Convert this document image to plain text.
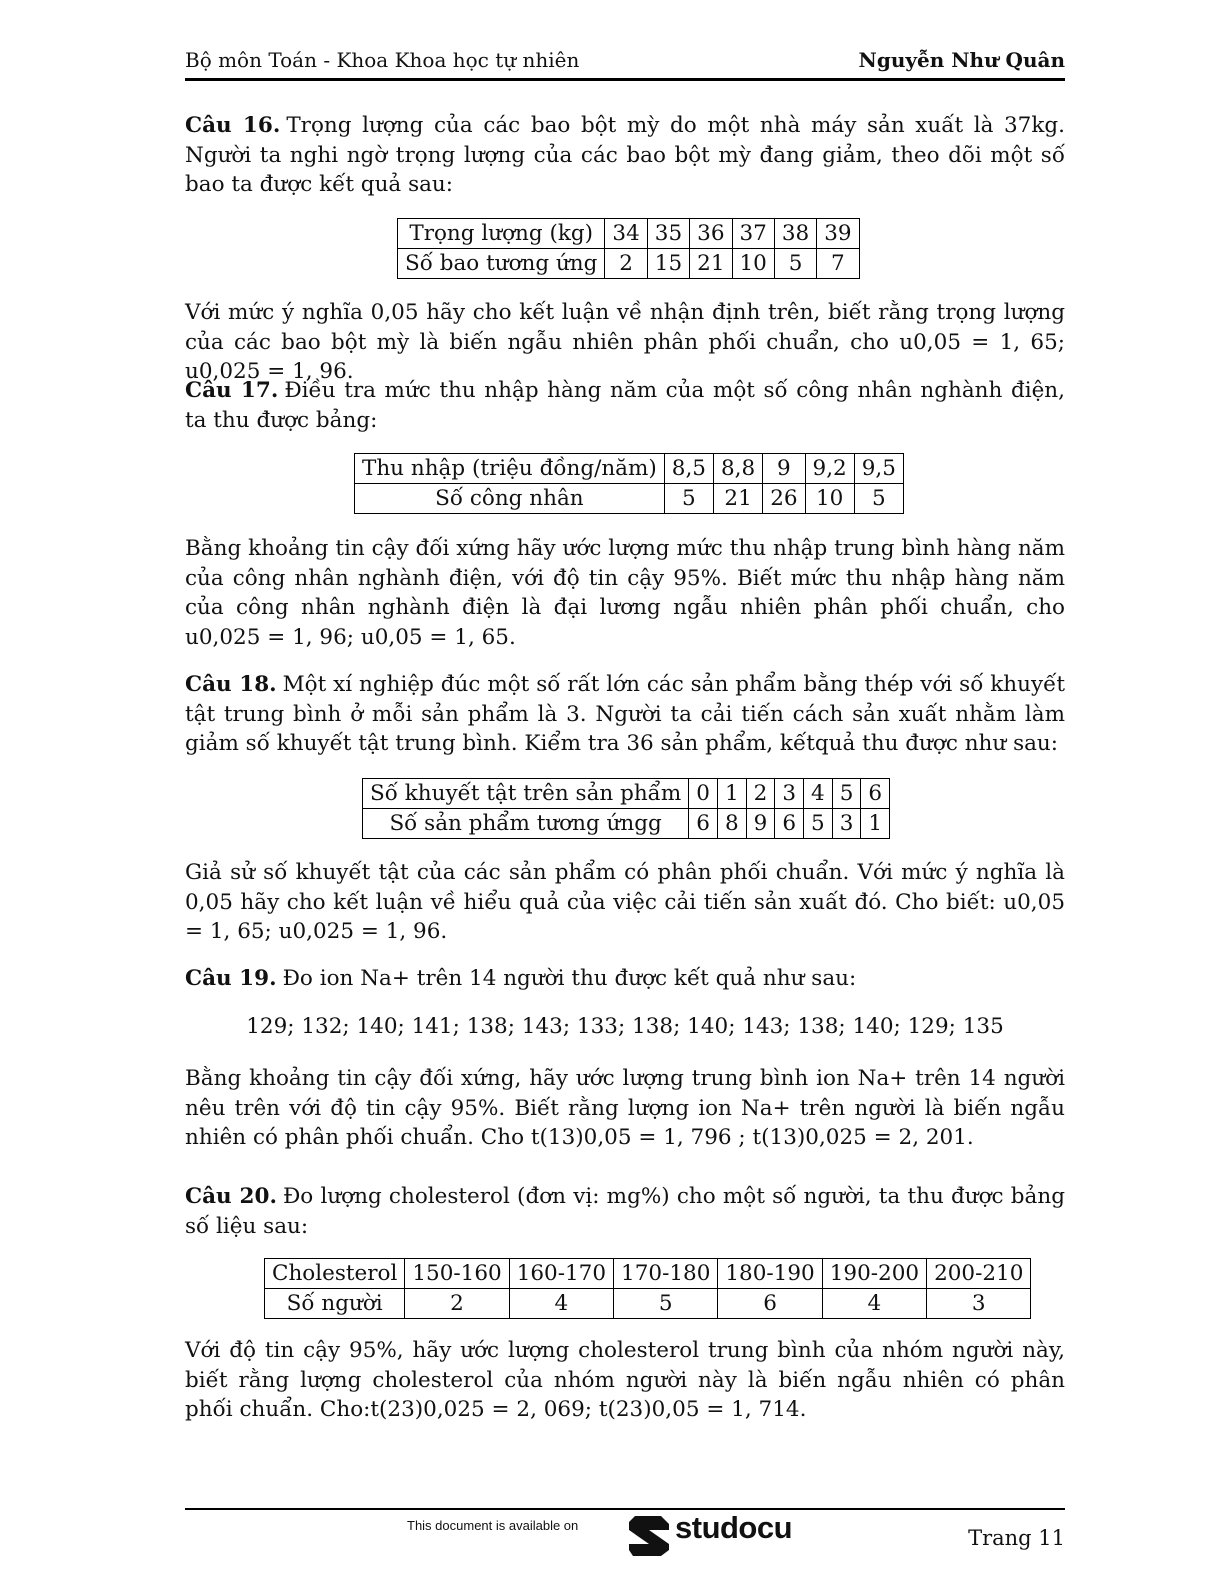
Bộ môn Toán - Khoa Khoa học tự nhiên	Nguyễn Như Quân
Câu 16. Trọng lượng của các bao bột mỳ do một nhà máy sản xuất là 37kg. Người ta nghi ngờ trọng lượng của các bao bột mỳ đang giảm, theo dõi một số bao ta được kết quả sau:
Trọng lượng (kg)	34	35	36	37	38	39
Số bao tương ứng	2	15	21	10	5	7
Với mức ý nghĩa 0,05 hãy cho kết luận về nhận định trên, biết rằng trọng lượng của các bao bột mỳ là biến ngẫu nhiên phân phối chuẩn, cho u0,05 = 1, 65; u0,025 = 1, 96.
Câu 17. Điều tra mức thu nhập hàng năm của một số công nhân nghành điện, ta thu được bảng:
Thu nhập (triệu đồng/năm)	8,5	8,8	9	9,2	9,5
Số công nhân	5	21	26	10	5
Bằng khoảng tin cậy đối xứng hãy ước lượng mức thu nhập trung bình hàng năm của công nhân nghành điện, với độ tin cậy 95%. Biết mức thu nhập hàng năm của công nhân nghành điện là đại lương ngẫu nhiên phân phối chuẩn, cho u0,025 = 1, 96; u0,05 = 1, 65.
Câu 18. Một xí nghiệp đúc một số rất lớn các sản phẩm bằng thép với số khuyết tật trung bình ở mỗi sản phẩm là 3. Người ta cải tiến cách sản xuất nhằm làm giảm số khuyết tật trung bình. Kiểm tra 36 sản phẩm, kếtquả thu được như sau:
Số khuyết tật trên sản phẩm	0	1	2	3	4	5	6
Số sản phẩm tương ứngg	6	8	9	6	5	3	1
Giả sử số khuyết tật của các sản phẩm có phân phối chuẩn. Với mức ý nghĩa là 0,05 hãy cho kết luận về hiểu quả của việc cải tiến sản xuất đó. Cho biết: u0,05 = 1, 65; u0,025 = 1, 96.
Câu 19. Đo ion Na+ trên 14 người thu được kết quả như sau:
129; 132; 140; 141; 138; 143; 133; 138; 140; 143; 138; 140; 129; 135
Bằng khoảng tin cậy đối xứng, hãy ước lượng trung bình ion Na+ trên 14 người nêu trên với độ tin cậy 95%. Biết rằng lượng ion Na+ trên người là biến ngẫu nhiên có phân phối chuẩn. Cho t(13)0,05 = 1, 796 ; t(13)0,025 = 2, 201.
Câu 20. Đo lượng cholesterol (đơn vị: mg%) cho một số người, ta thu được bảng số liệu sau:
Cholesterol	150-160	160-170	170-180	180-190	190-200	200-210
Số người	2	4	5	6	4	3
Với độ tin cậy 95%, hãy ước lượng cholesterol trung bình của nhóm người này, biết rằng lượng cholesterol của nhóm người này là biến ngẫu nhiên có phân phối chuẩn. Cho:t(23)0,025 = 2, 069; t(23)0,05 = 1, 714.
This document is available on	studocu	Trang 11
